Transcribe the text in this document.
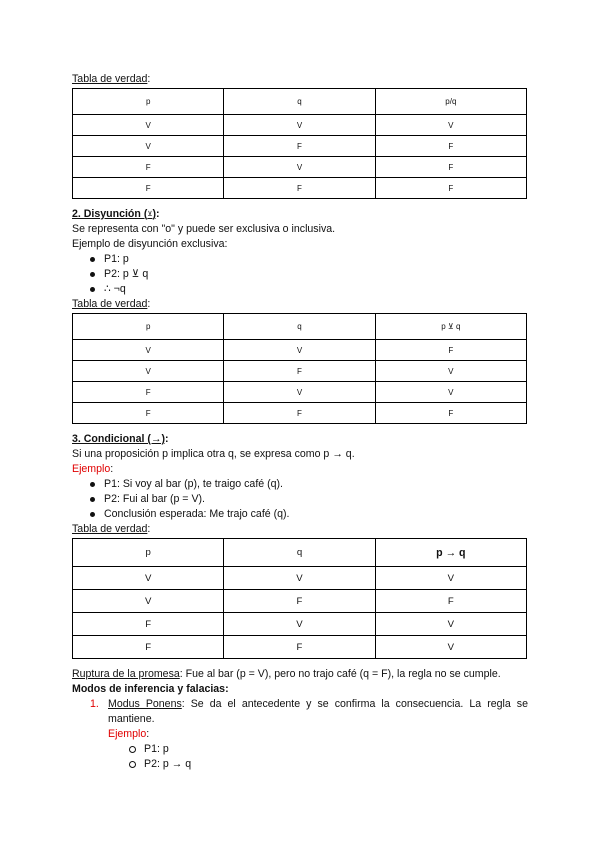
Tabla de verdad:
p	q	p/q
V	V	V
V	F	F
F	V	F
F	F	F
2. Disyunción (⊻):
Se representa con "o" y puede ser exclusiva o inclusiva.
Ejemplo de disyunción exclusiva:
P1: p
P2: p ⊻ q
∴ ¬q
Tabla de verdad:
p	q	p ⊻ q
V	V	F
V	F	V
F	V	V
F	F	F
3. Condicional (→):
Si una proposición p implica otra q, se expresa como p → q.
Ejemplo:
P1: Si voy al bar (p), te traigo café (q).
P2: Fui al bar (p = V).
Conclusión esperada: Me trajo café (q).
Tabla de verdad:
p	q	p → q
V	V	V
V	F	F
F	V	V
F	F	V
Ruptura de la promesa: Fue al bar (p = V), pero no trajo café (q = F), la regla no se cumple.
Modos de inferencia y falacias:
1. Modus Ponens: Se da el antecedente y se confirma la consecuencia. La regla se mantiene.
Ejemplo:
P1: p
P2: p → q
